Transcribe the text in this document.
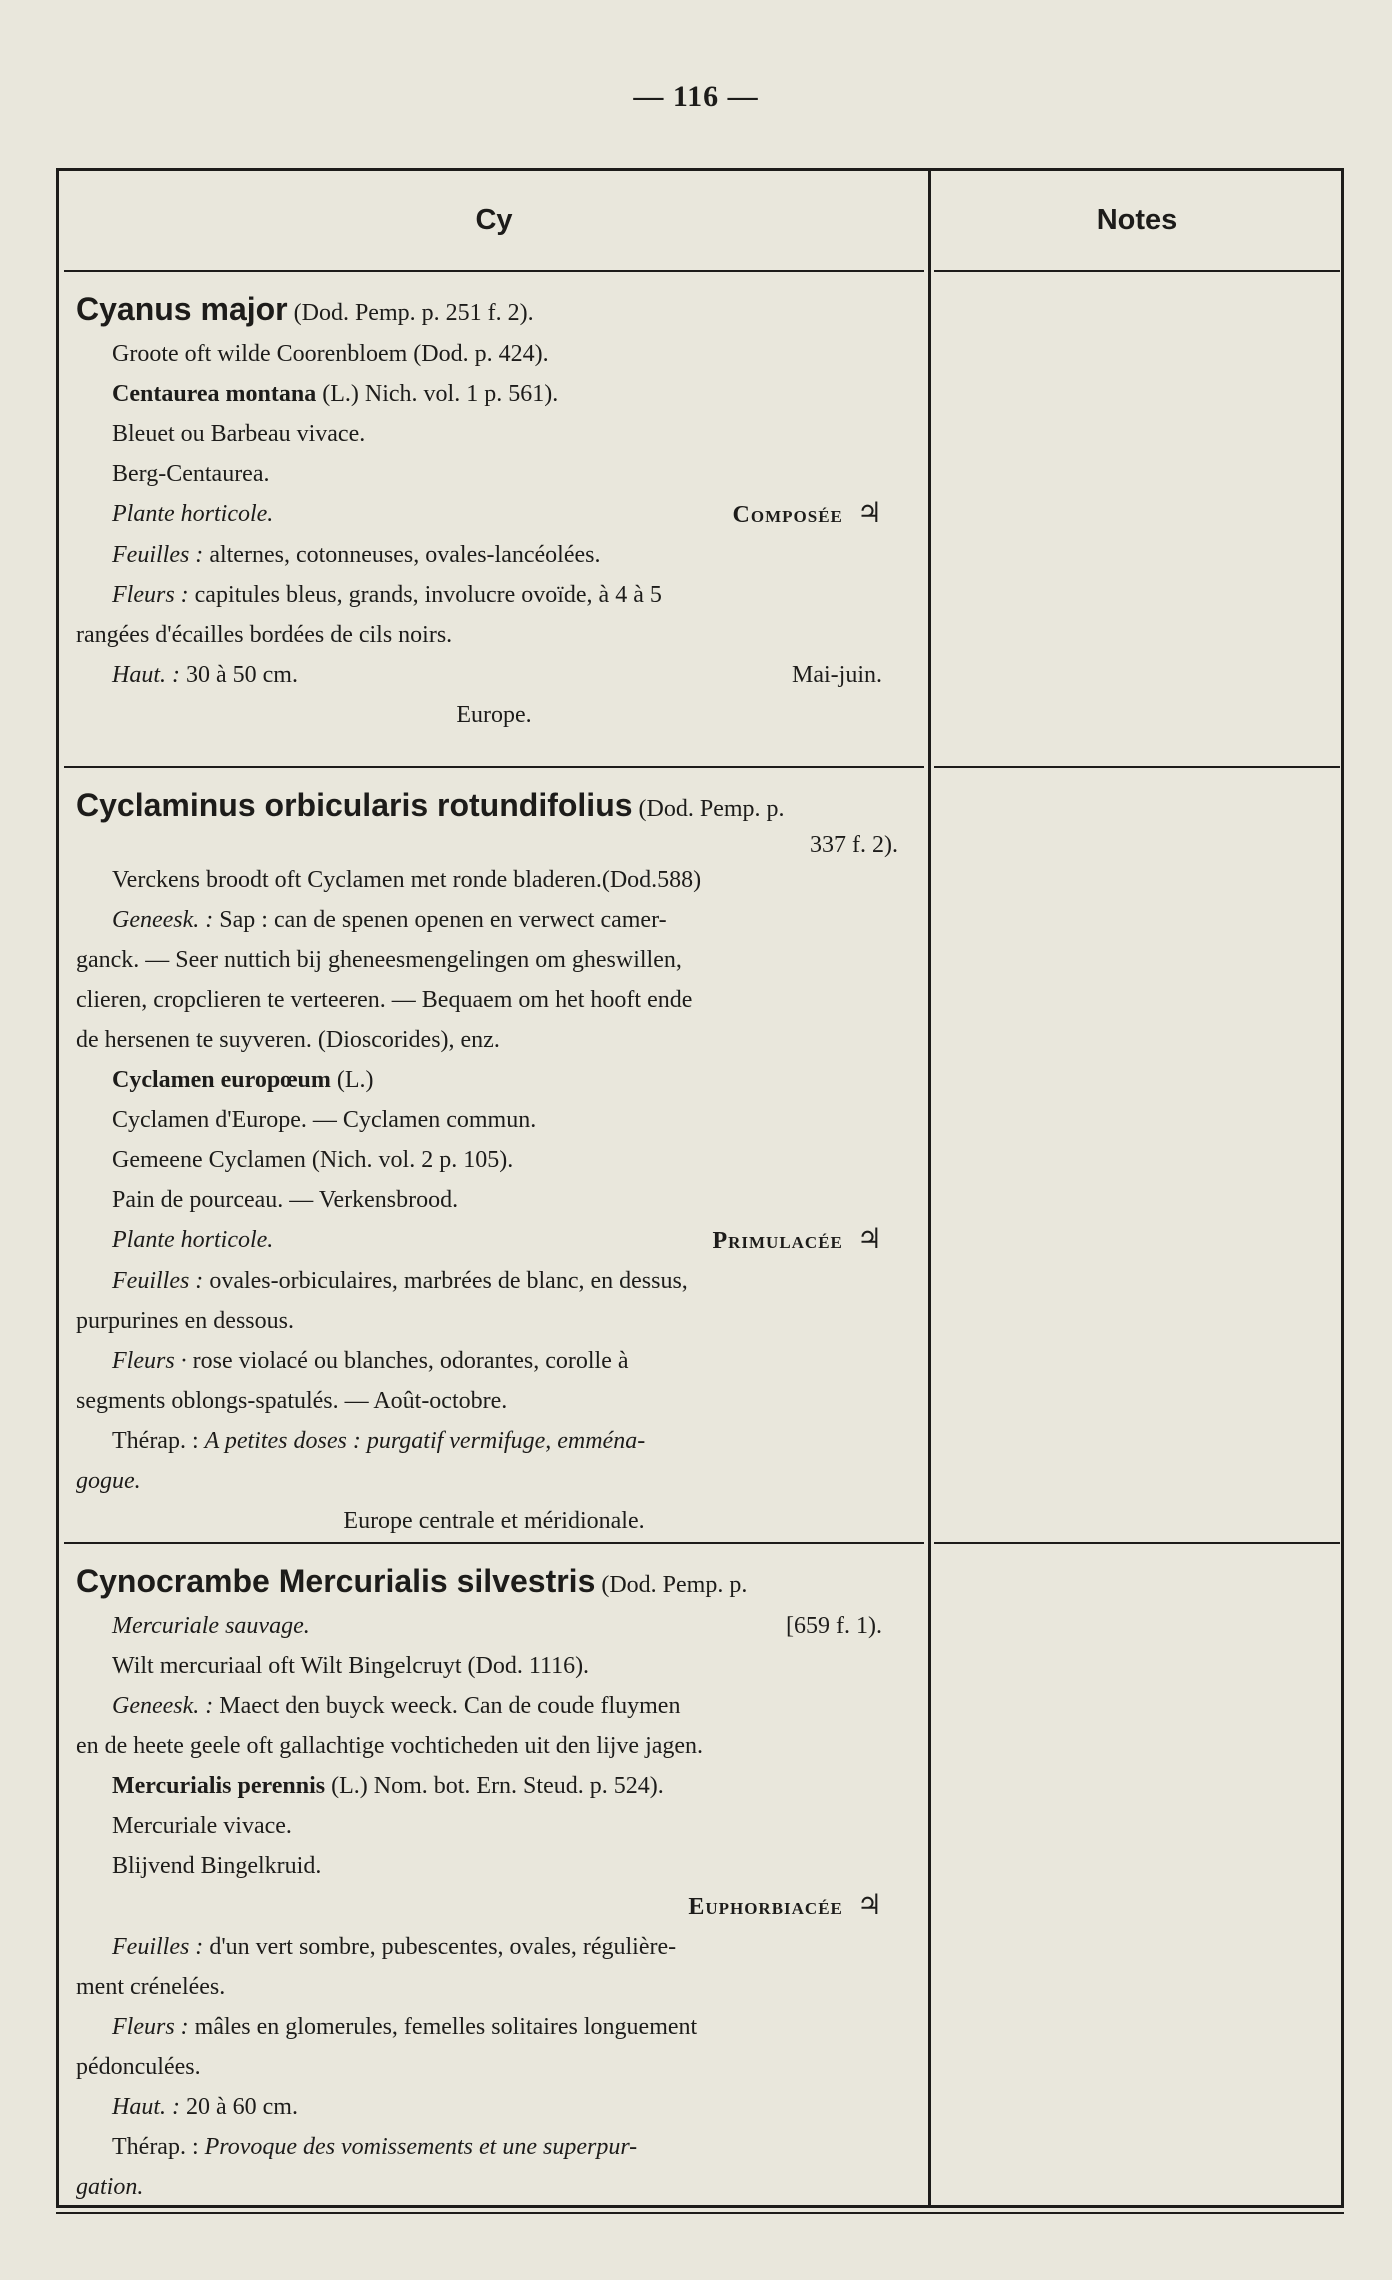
— 116 —
Cy
Cyanus major (Dod. Pemp. p. 251 f. 2).
Groote oft wilde Coorenbloem (Dod. p. 424).
Centaurea montana (L.) Nich. vol. 1 p. 561).
Bleuet ou Barbeau vivace.
Berg-Centaurea.
Plante horticole.	Composée ♃
Feuilles : alternes, cotonneuses, ovales-lancéolées.
Fleurs : capitules bleus, grands, involucre ovoïde, à 4 à 5
rangées d'écailles bordées de cils noirs.
Haut. : 30 à 50 cm.	Mai-juin.
Europe.
Cyclaminus orbicularis rotundifolius (Dod. Pemp. p.
337 f. 2).
Verckens broodt oft Cyclamen met ronde bladeren.(Dod.588)
Geneesk. : Sap : can de spenen openen en verwect camer-
ganck. — Seer nuttich bij gheneesmengelingen om gheswillen,
clieren, cropclieren te verteeren. — Bequaem om het hooft ende
de hersenen te suyveren. (Dioscorides), enz.
Cyclamen europœum (L.)
Cyclamen d'Europe. — Cyclamen commun.
Gemeene Cyclamen (Nich. vol. 2 p. 105).
Pain de pourceau. — Verkensbrood.
Plante horticole.	Primulacée ♃
Feuilles : ovales-orbiculaires, marbrées de blanc, en dessus,
purpurines en dessous.
Fleurs · rose violacé ou blanches, odorantes, corolle à
segments oblongs-spatulés. — Août-octobre.
Thérap. : A petites doses : purgatif vermifuge, emména-
gogue.
Europe centrale et méridionale.
Cynocrambe Mercurialis silvestris (Dod. Pemp. p.
Mercuriale sauvage.	[659 f. 1).
Wilt mercuriaal oft Wilt Bingelcruyt (Dod. 1116).
Geneesk. : Maect den buyck weeck. Can de coude fluymen
en de heete geele oft gallachtige vochticheden uit den lijve jagen.
Mercurialis perennis (L.) Nom. bot. Ern. Steud. p. 524).
Mercuriale vivace.
Blijvend Bingelkruid.
Euphorbiacée ♃
Feuilles : d'un vert sombre, pubescentes, ovales, régulière-
ment crénelées.
Fleurs : mâles en glomerules, femelles solitaires longuement
pédonculées.
Haut. : 20 à 60 cm.
Thérap. : Provoque des vomissements et une superpur-
gation.
Notes
